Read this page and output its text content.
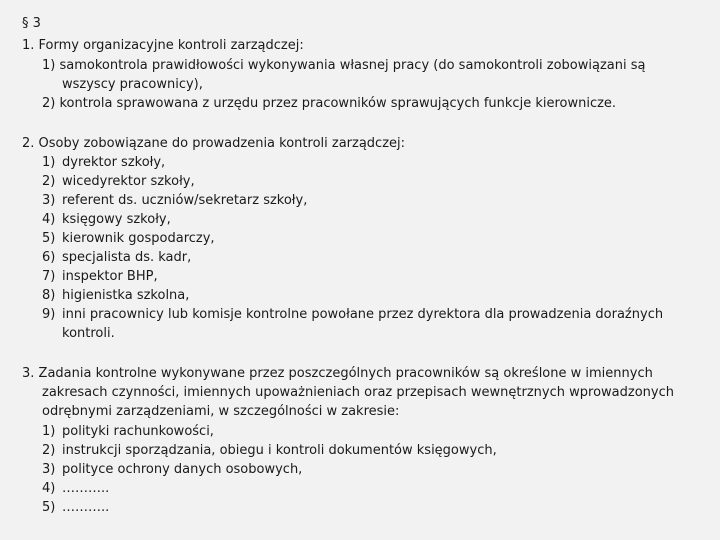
§ 3
1. Formy organizacyjne kontroli zarządczej:
1) samokontrola prawidłowości wykonywania własnej pracy (do samokontroli zobowiązani są
wszyscy pracownicy),
2) kontrola sprawowana z urzędu przez pracowników sprawujących funkcje kierownicze.
2. Osoby zobowiązane do prowadzenia kontroli zarządczej:
1) dyrektor szkoły,
2) wicedyrektor szkoły,
3) referent ds. uczniów/sekretarz szkoły,
4) księgowy szkoły,
5) kierownik gospodarczy,
6) specjalista ds. kadr,
7) inspektor BHP,
8) higienistka szkolna,
9) inni pracownicy lub komisje kontrolne powołane przez dyrektora dla prowadzenia doraźnych
kontroli.
3. Zadania kontrolne wykonywane przez poszczególnych pracowników są określone w imiennych
zakresach czynności, imiennych upoważnieniach oraz przepisach wewnętrznych wprowadzonych
odrębnymi zarządzeniami, w szczególności w zakresie:
1) polityki rachunkowości,
2) instrukcji sporządzania, obiegu i kontroli dokumentów księgowych,
3) polityce ochrony danych osobowych,
4) ………..
5) ………..
